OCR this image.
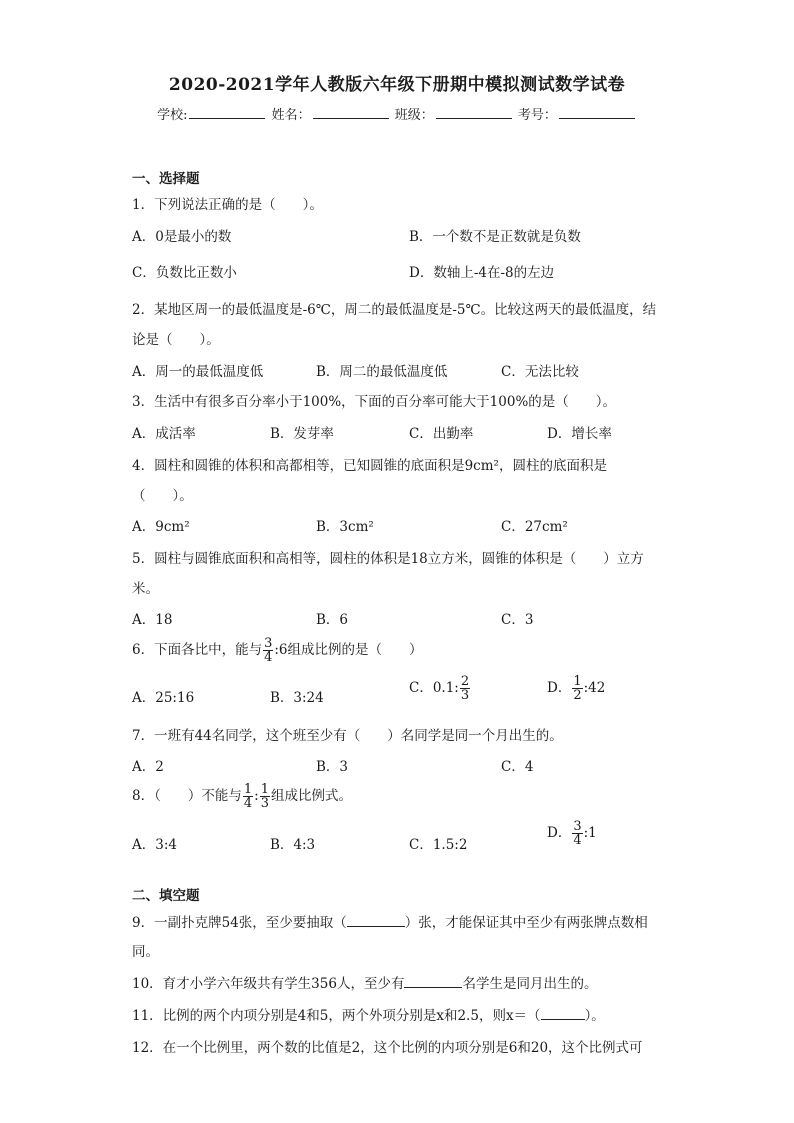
2020-2021学年人教版六年级下册期中模拟测试数学试卷
学校:	姓名：	班级：	考号：
一、选择题
1．下列说法正确的是（　　）。
A．0是最小的数	B．一个数不是正数就是负数
C．负数比正数小	D．数轴上-4在-8的左边
2．某地区周一的最低温度是-6℃，周二的最低温度是-5℃。比较这两天的最低温度，结
论是（　　）。
A．周一的最低温度低	B．周二的最低温度低	C．无法比较
3．生活中有很多百分率小于100%，下面的百分率可能大于100%的是（　　）。
A．成活率	B．发芽率	C．出勤率	D．增长率
4．圆柱和圆锥的体积和高都相等，已知圆锥的底面积是9cm²，圆柱的底面积是
（　　）。
A．9cm²	B．3cm²	C．27cm²
5．圆柱与圆锥底面积和高相等，圆柱的体积是18立方米，圆锥的体积是（　　）立方
米。
A．18	B．6	C．3
6．下面各比中，能与 $\frac{3}{4}$ :6组成比例的是（　　）
A．25:16	B．3:24
C．0.1: $\frac{2}{3}$	D． $\frac{1}{2}$ :42
7．一班有44名同学，这个班至少有（　　）名同学是同一个月出生的。
A．2	B．3	C．4
8．（　　）不能与 $\frac{1}{4}$ : $\frac{1}{3}$ 组成比例式。
A．3:4	B．4:3	C．1.5:2
D． $\frac{3}{4}$ :1
二、填空题
9．一副扑克牌54张，至少要抽取（	）张，才能保证其中至少有两张牌点数相
同。
10．育才小学六年级共有学生356人，至少有	名学生是同月出生的。
11．比例的两个内项分别是4和5，两个外项分别是x和2.5，则x＝（	）。
12．在一个比例里，两个数的比值是2，这个比例的内项分别是6和20，这个比例式可
